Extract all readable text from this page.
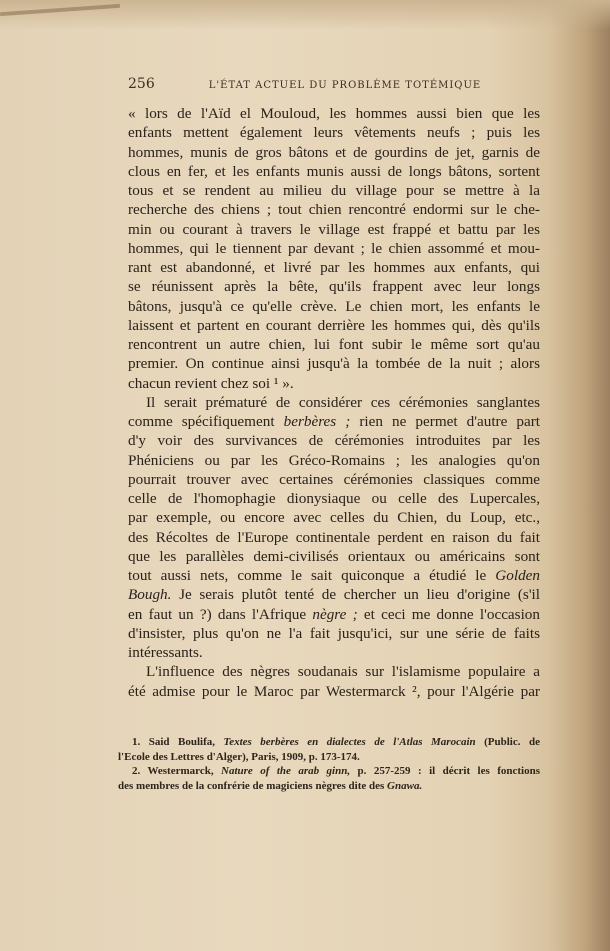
256	L'ÉTAT ACTUEL DU PROBLÈME TOTÉMIQUE
« lors de l'Aïd el Mouloud, les hommes aussi bien que les
enfants mettent également leurs vêtements neufs ; puis les
hommes, munis de gros bâtons et de gourdins de jet, garnis de
clous en fer, et les enfants munis aussi de longs bâtons, sortent
tous et se rendent au milieu du village pour se mettre à la
recherche des chiens ; tout chien rencontré endormi sur le che-
min ou courant à travers le village est frappé et battu par les
hommes, qui le tiennent par devant ; le chien assommé et mou-
rant est abandonné, et livré par les hommes aux enfants, qui
se réunissent après la bête, qu'ils frappent avec leur longs
bâtons, jusqu'à ce qu'elle crève. Le chien mort, les enfants le
laissent et partent en courant derrière les hommes qui, dès qu'ils
rencontrent un autre chien, lui font subir le même sort qu'au
premier. On continue ainsi jusqu'à la tombée de la nuit ; alors
chacun revient chez soi ¹ ».
Il serait prématuré de considérer ces cérémonies sanglantes
comme spécifiquement berbères ; rien ne permet d'autre part
d'y voir des survivances de cérémonies introduites par les
Phéniciens ou par les Gréco-Romains ; les analogies qu'on
pourrait trouver avec certaines cérémonies classiques comme
celle de l'homophagie dionysiaque ou celle des Lupercales,
par exemple, ou encore avec celles du Chien, du Loup, etc.,
des Récoltes de l'Europe continentale perdent en raison du fait
que les parallèles demi-civilisés orientaux ou américains sont
tout aussi nets, comme le sait quiconque a étudié le Golden
Bough. Je serais plutôt tenté de chercher un lieu d'origine (s'il
en faut un ?) dans l'Afrique nègre ; et ceci me donne l'occasion
d'insister, plus qu'on ne l'a fait jusqu'ici, sur une série de faits
intéressants.
L'influence des nègres soudanais sur l'islamisme populaire a
été admise pour le Maroc par Westermarck ², pour l'Algérie par
1. Said Boulifa, Textes berbères en dialectes de l'Atlas Marocain (Public. de
l'Ecole des Lettres d'Alger), Paris, 1909, p. 173-174.
2. Westermarck, Nature of the arab ginn, p. 257-259 : il décrit les fonctions
des membres de la confrérie de magiciens nègres dite des Gnawa.
